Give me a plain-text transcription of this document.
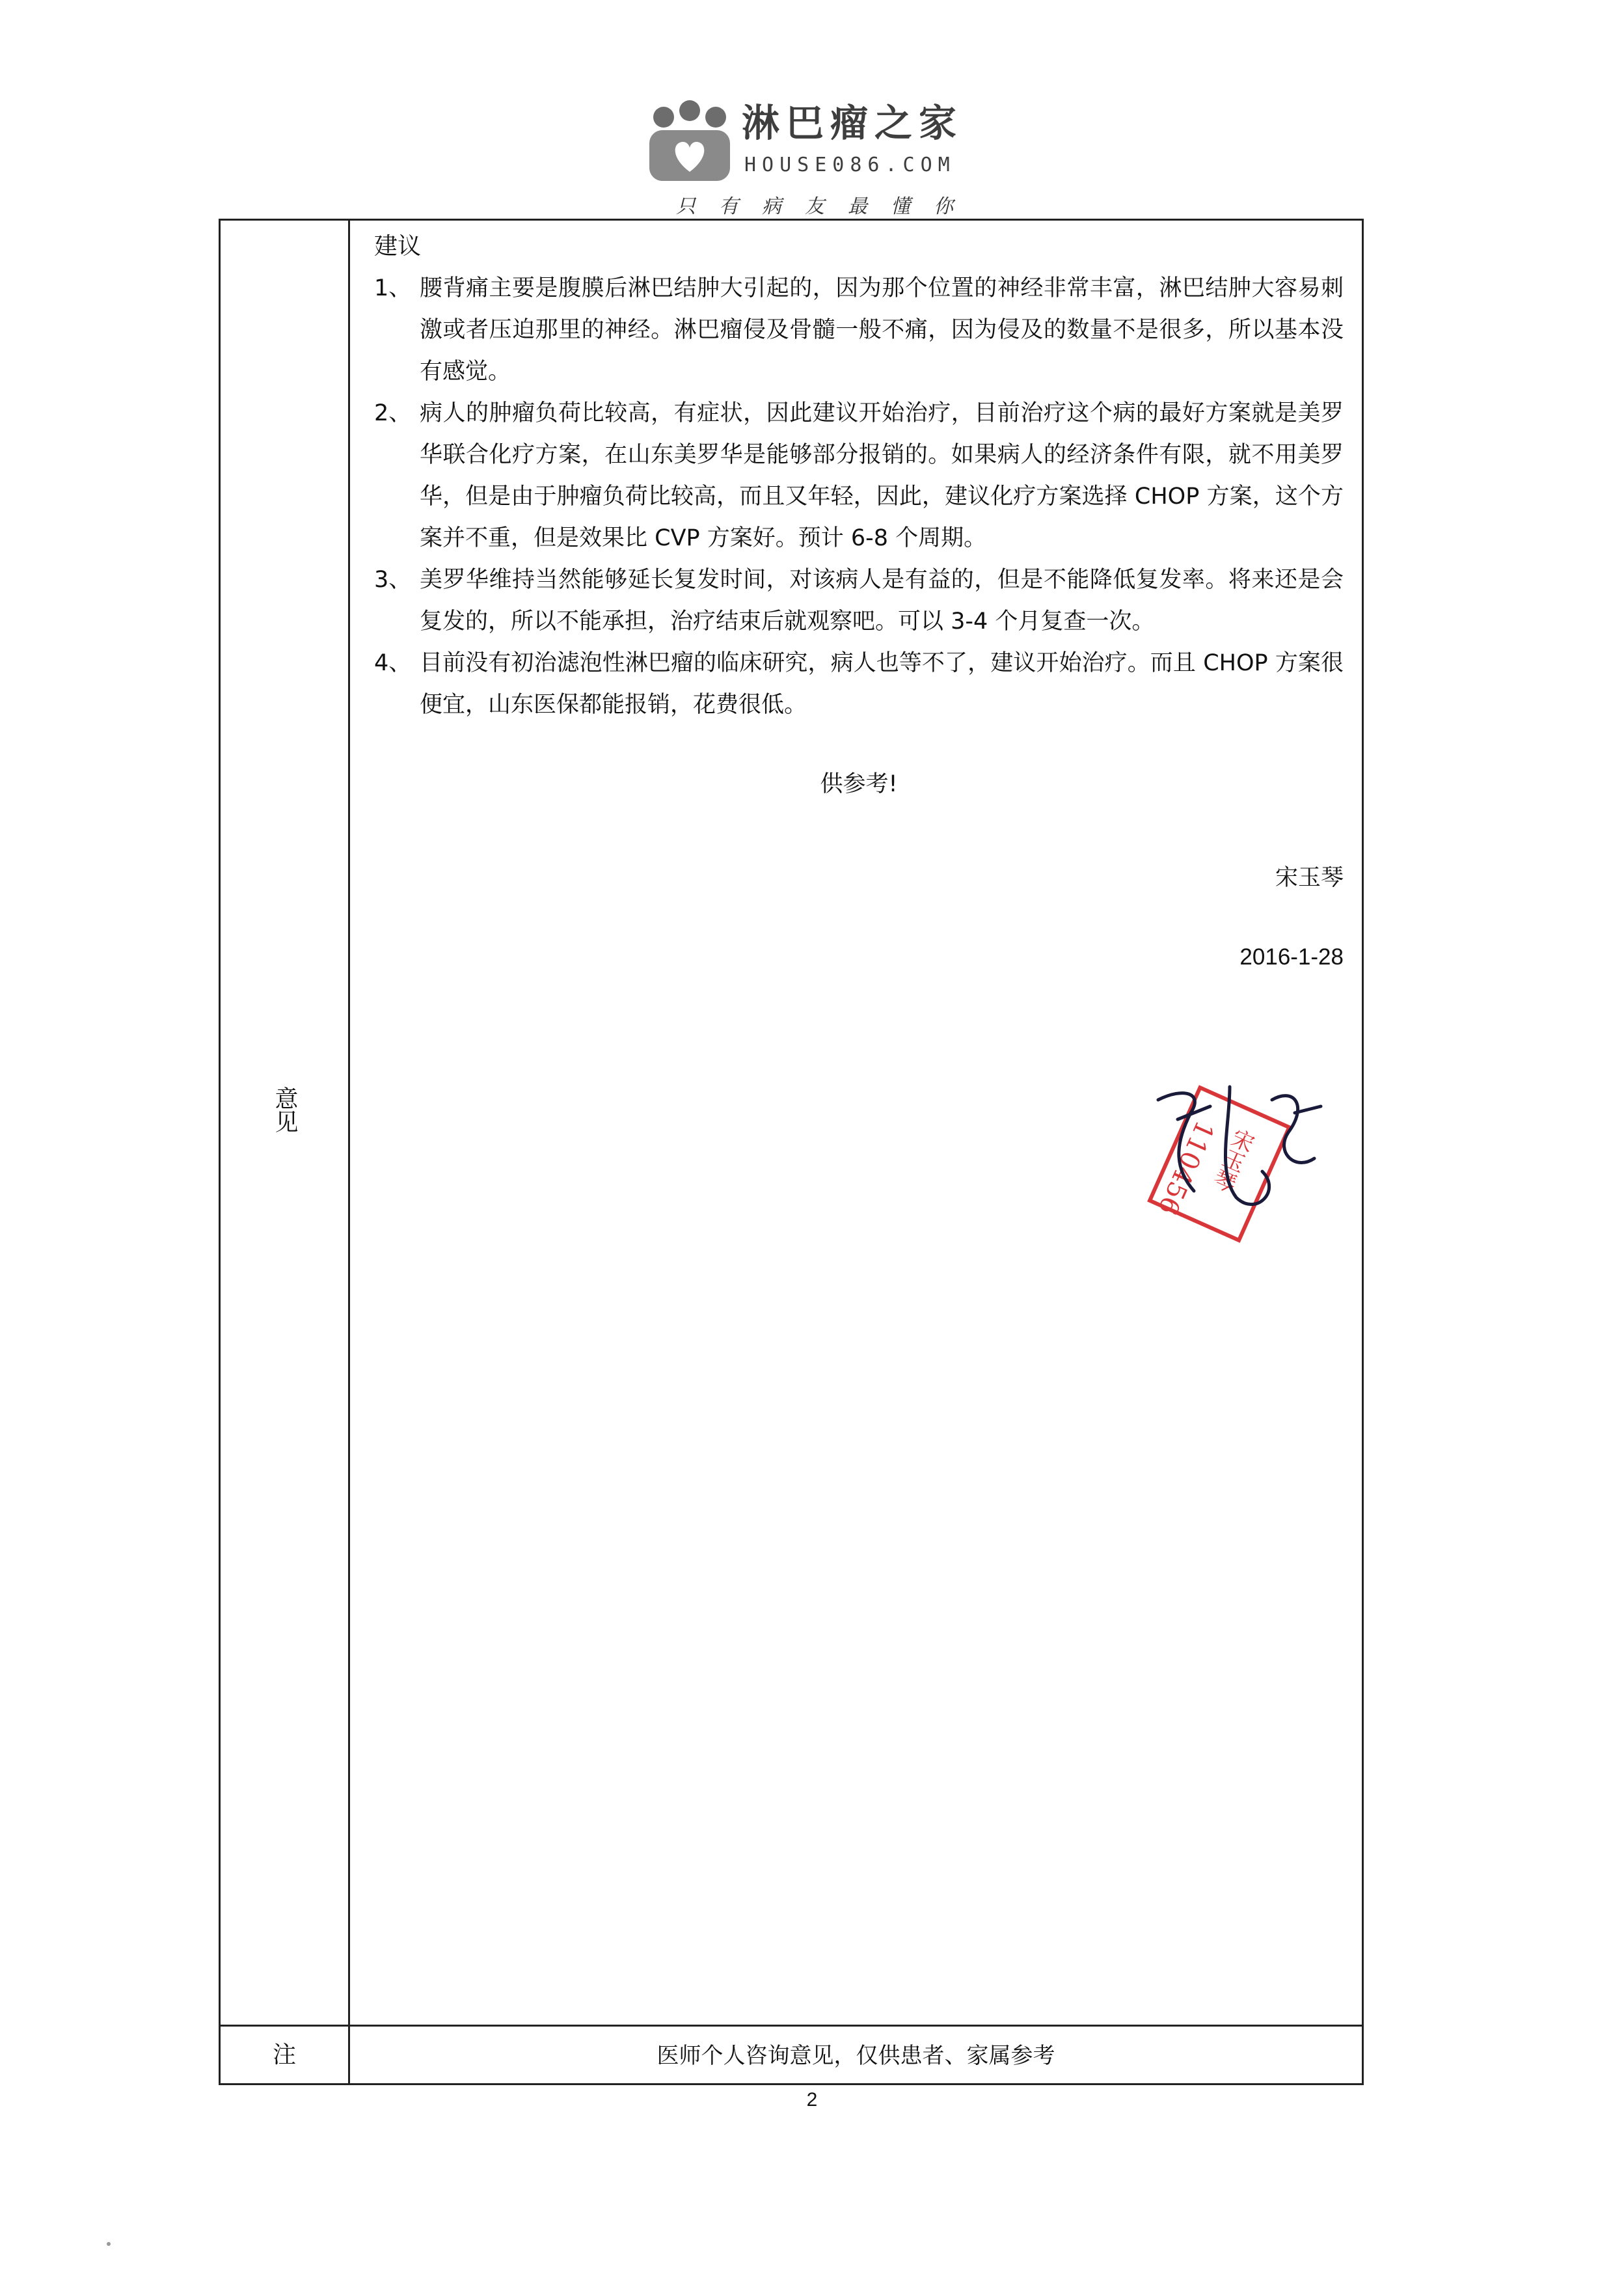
淋巴瘤之家
HOUSE086.COM
只有病友最懂你
意见
建议
1、 腰背痛主要是腹膜后淋巴结肿大引起的，因为那个位置的神经非常丰富，淋巴结肿大容易刺激或者压迫那里的神经。淋巴瘤侵及骨髓一般不痛，因为侵及的数量不是很多，所以基本没有感觉。
2、 病人的肿瘤负荷比较高，有症状，因此建议开始治疗，目前治疗这个病的最好方案就是美罗华联合化疗方案，在山东美罗华是能够部分报销的。如果病人的经济条件有限，就不用美罗华，但是由于肿瘤负荷比较高，而且又年轻，因此，建议化疗方案选择 CHOP 方案，这个方案并不重，但是效果比 CVP 方案好。预计 6-8 个周期。
3、 美罗华维持当然能够延长复发时间，对该病人是有益的，但是不能降低复发率。将来还是会复发的，所以不能承担，治疗结束后就观察吧。可以 3-4 个月复查一次。
4、 目前没有初治滤泡性淋巴瘤的临床研究，病人也等不了，建议开始治疗。而且 CHOP 方案很便宜，山东医保都能报销，花费很低。
供参考!
宋玉琴
2016-1-28
注	医师个人咨询意见，仅供患者、家属参考
110456
宋玉琴
2
